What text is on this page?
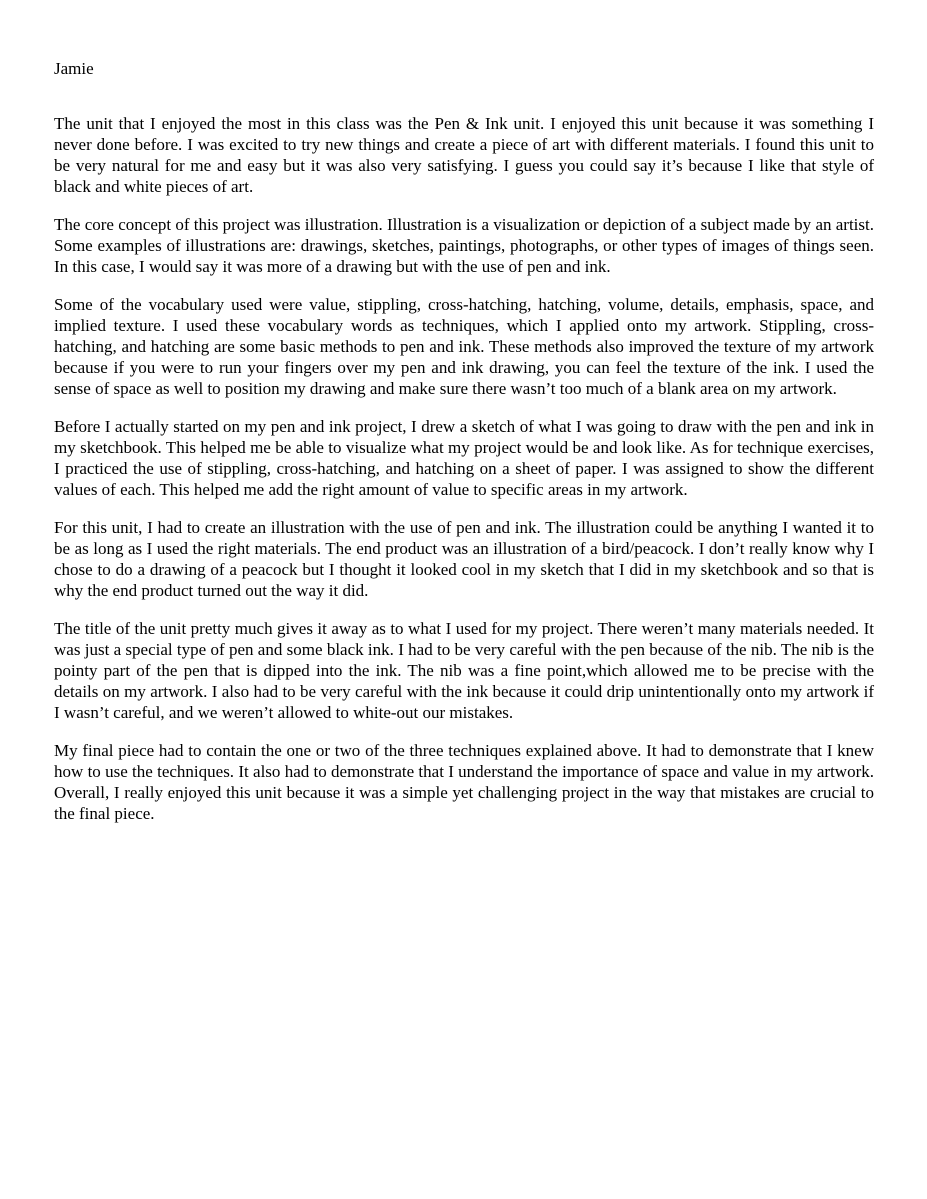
Jamie

The unit that I enjoyed the most in this class was the Pen & Ink unit. I enjoyed this unit because it was something I never done before. I was excited to try new things and create a piece of art with different materials. I found this unit to be very natural for me and easy but it was also very satisfying. I guess you could say it’s because I like that style of black and white pieces of art.

The core concept of this project was illustration. Illustration is a visualization or depiction of a subject made by an artist. Some examples of illustrations are: drawings, sketches, paintings, photographs, or other types of images of things seen. In this case, I would say it was more of a drawing but with the use of pen and ink.

Some of the vocabulary used were value, stippling, cross-hatching, hatching, volume, details, emphasis, space, and implied texture. I used these vocabulary words as techniques, which I applied onto my artwork. Stippling, cross-hatching, and hatching are some basic methods to pen and ink. These methods also improved the texture of my artwork because if you were to run your fingers over my pen and ink drawing, you can feel the texture of the ink. I used the sense of space as well to position my drawing and make sure there wasn’t too much of a blank area on my artwork.

Before I actually started on my pen and ink project, I drew a sketch of what I was going to draw with the pen and ink in my sketchbook. This helped me be able to visualize what my project would be and look like. As for technique exercises, I practiced the use of stippling, cross-hatching, and hatching on a sheet of paper. I was assigned to show the different values of each. This helped me add the right amount of value to specific areas in my artwork.

For this unit, I had to create an illustration with the use of pen and ink. The illustration could be anything I wanted it to be as long as I used the right materials. The end product was an illustration of a bird/peacock. I don’t really know why I chose to do a drawing of a peacock but I thought it looked cool in my sketch that I did in my sketchbook and so that is why the end product turned out the way it did.

The title of the unit pretty much gives it away as to what I used for my project. There weren’t many materials needed. It was just a special type of pen and some black ink. I had to be very careful with the pen because of the nib. The nib is the pointy part of the pen that is dipped into the ink. The nib was a fine point,which allowed me to be precise with the details on my artwork. I also had to be very careful with the ink because it could drip unintentionally onto my artwork if I wasn’t careful, and we weren’t allowed to white-out our mistakes.

My final piece had to contain the one or two of the three techniques explained above. It had to demonstrate that I knew how to use the techniques. It also had to demonstrate that I understand the importance of space and value in my artwork. Overall, I really enjoyed this unit because it was a simple yet challenging project in the way that mistakes are crucial to the final piece.
